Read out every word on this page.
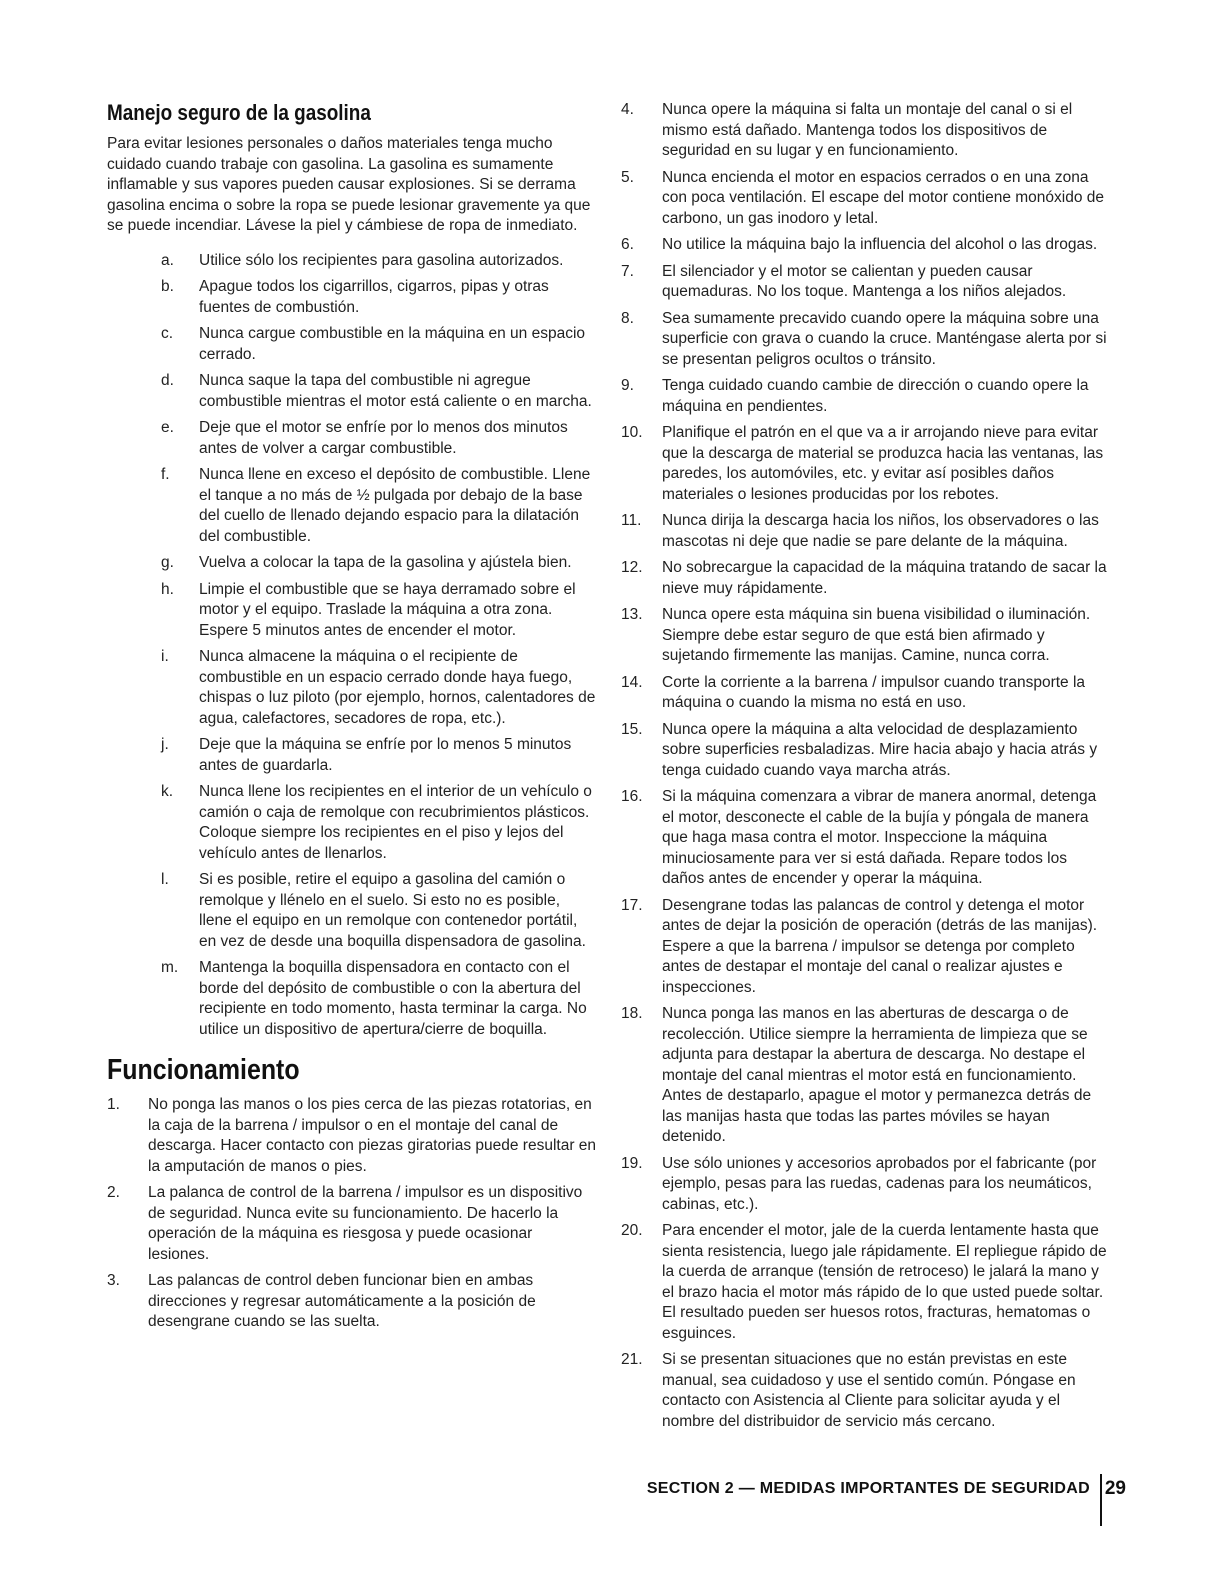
Manejo seguro de la gasolina

Para evitar lesiones personales o daños materiales tenga mucho cuidado cuando trabaje con gasolina. La gasolina es sumamente inflamable y sus vapores pueden causar explosiones. Si se derrama gasolina encima o sobre la ropa se puede lesionar gravemente ya que se puede incendiar. Lávese la piel y cámbiese de ropa de inmediato.

a.	Utilice sólo los recipientes para gasolina autorizados.
b.	Apague todos los cigarrillos, cigarros, pipas y otras fuentes de combustión.
c.	Nunca cargue combustible en la máquina en un espacio cerrado.
d.	Nunca saque la tapa del combustible ni agregue combustible mientras el motor está caliente o en marcha.
e.	Deje que el motor se enfríe por lo menos dos minutos antes de volver a cargar combustible.
f.	Nunca llene en exceso el depósito de combustible. Llene el tanque a no más de ½ pulgada por debajo de la base del cuello de llenado dejando espacio para la dilatación del combustible.
g.	Vuelva a colocar la tapa de la gasolina y ajústela bien.
h.	Limpie el combustible que se haya derramado sobre el motor y el equipo. Traslade la máquina a otra zona. Espere 5 minutos antes de encender el motor.
i.	Nunca almacene la máquina o el recipiente de combustible en un espacio cerrado donde haya fuego, chispas o luz piloto (por ejemplo, hornos, calentadores de agua, calefactores, secadores de ropa, etc.).
j.	Deje que la máquina se enfríe por lo menos 5 minutos antes de guardarla.
k.	Nunca llene los recipientes en el interior de un vehículo o camión o caja de remolque con recubrimientos plásticos. Coloque siempre los recipientes en el piso y lejos del vehículo antes de llenarlos.
l.	Si es posible, retire el equipo a gasolina del camión o remolque y llénelo en el suelo. Si esto no es posible, llene el equipo en un remolque con contenedor portátil, en vez de desde una boquilla dispensadora de gasolina.
m.	Mantenga la boquilla dispensadora en contacto con el borde del depósito de combustible o con la abertura del recipiente en todo momento, hasta terminar la carga. No utilice un dispositivo de apertura/cierre de boquilla.
Funcionamiento
1.	No ponga las manos o los pies cerca de las piezas rotatorias, en la caja de la barrena / impulsor o en el montaje del canal de descarga. Hacer contacto con piezas giratorias puede resultar en la amputación de manos o pies.
2.	La palanca de control de la barrena / impulsor es un dispositivo de seguridad. Nunca evite su funcionamiento. De hacerlo la operación de la máquina es riesgosa y puede ocasionar lesiones.
3.	Las palancas de control deben funcionar bien en ambas direcciones y regresar automáticamente a la posición de desengrane cuando se las suelta.
4.	Nunca opere la máquina si falta un montaje del canal o si el mismo está dañado. Mantenga todos los dispositivos de seguridad en su lugar y en funcionamiento.
5.	Nunca encienda el motor en espacios cerrados o en una zona con poca ventilación. El escape del motor contiene monóxido de carbono, un gas inodoro y letal.
6.	No utilice la máquina bajo la influencia del alcohol o las drogas.
7.	El silenciador y el motor se calientan y pueden causar quemaduras. No los toque. Mantenga a los niños alejados.
8.	Sea sumamente precavido cuando opere la máquina sobre una superficie con grava o cuando la cruce. Manténgase alerta por si se presentan peligros ocultos o tránsito.
9.	Tenga cuidado cuando cambie de dirección o cuando opere la máquina en pendientes.
10.	Planifique el patrón en el que va a ir arrojando nieve para evitar que la descarga de material se produzca hacia las ventanas, las paredes, los automóviles, etc. y evitar así posibles daños materiales o lesiones producidas por los rebotes.
11.	Nunca dirija la descarga hacia los niños, los observadores o las mascotas ni deje que nadie se pare delante de la máquina.
12.	No sobrecargue la capacidad de la máquina tratando de sacar la nieve muy rápidamente.
13.	Nunca opere esta máquina sin buena visibilidad o iluminación. Siempre debe estar seguro de que está bien afirmado y sujetando firmemente las manijas. Camine, nunca corra.
14.	Corte la corriente a la barrena / impulsor cuando transporte la máquina o cuando la misma no está en uso.
15.	Nunca opere la máquina a alta velocidad de desplazamiento sobre superficies resbaladizas. Mire hacia abajo y hacia atrás y tenga cuidado cuando vaya marcha atrás.
16.	Si la máquina comenzara a vibrar de manera anormal, detenga el motor, desconecte el cable de la bujía y póngala de manera que haga masa contra el motor. Inspeccione la máquina minuciosamente para ver si está dañada. Repare todos los daños antes de encender y operar la máquina.
17.	Desengrane todas las palancas de control y detenga el motor antes de dejar la posición de operación (detrás de las manijas). Espere a que la barrena / impulsor se detenga por completo antes de destapar el montaje del canal o realizar ajustes e inspecciones.
18.	Nunca ponga las manos en las aberturas de descarga o de recolección. Utilice siempre la herramienta de limpieza que se adjunta para destapar la abertura de descarga. No destape el montaje del canal mientras el motor está en funcionamiento. Antes de destaparlo, apague el motor y permanezca detrás de las manijas hasta que todas las partes móviles se hayan detenido.
19.	Use sólo uniones y accesorios aprobados por el fabricante (por ejemplo, pesas para las ruedas, cadenas para los neumáticos, cabinas, etc.).
20.	Para encender el motor, jale de la cuerda lentamente hasta que sienta resistencia, luego jale rápidamente. El repliegue rápido de la cuerda de arranque (tensión de retroceso) le jalará la mano y el brazo hacia el motor más rápido de lo que usted puede soltar. El resultado pueden ser huesos rotos, fracturas, hematomas o esguinces.
21.	Si se presentan situaciones que no están previstas en este manual, sea cuidadoso y use el sentido común. Póngase en contacto con Asistencia al Cliente para solicitar ayuda y el nombre del distribuidor de servicio más cercano.
SECTION 2 — MEDIDAS IMPORTANTES DE SEGURIDAD 29
